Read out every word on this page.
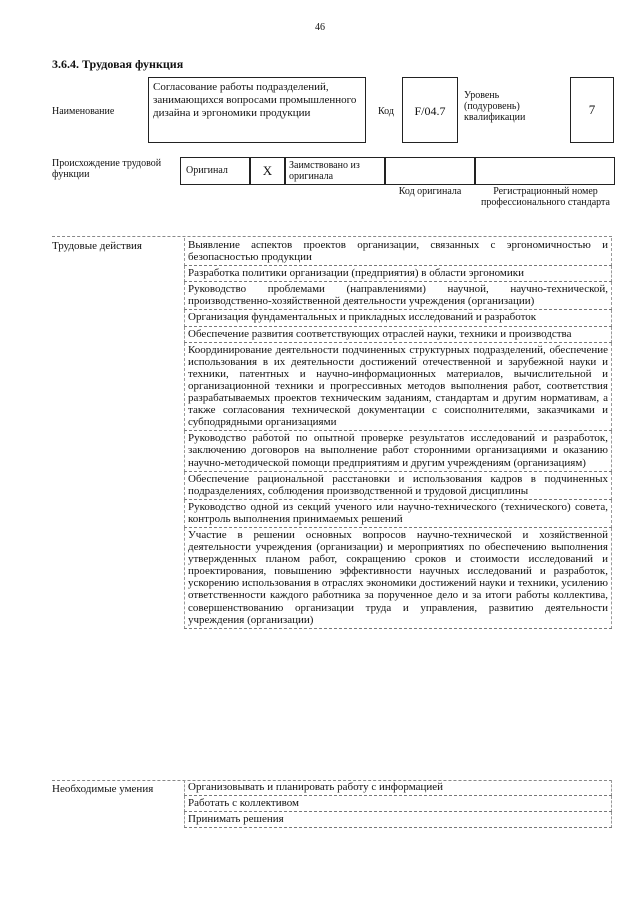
46
3.6.4. Трудовая функция
Наименование
Согласование работы подразделений, занимающихся вопросами промышленного дизайна и эргономики продукции	Код	F/04.7
Уровень (подуровень) квалификации
7
Происхождение трудовой функции	Оригинал	X	Заимствовано из оригинала
Код оригинала	Регистрационный номер профессионального стандарта
Трудовые действия	Выявление аспектов проектов организации, связанных с эргономичностью и безопасностью продукции
Разработка политики организации (предприятия) в области эргономики
Руководство проблемами (направлениями) научной, научно-технической, производственно-хозяйственной деятельности учреждения (организации)
Организация фундаментальных и прикладных исследований и разработок
Обеспечение развития соответствующих отраслей науки, техники и производства
Координирование деятельности подчиненных структурных подразделений, обеспечение использования в их деятельности достижений отечественной и зарубежной науки и техники, патентных и научно-информационных материалов, вычислительной и организационной техники и прогрессивных методов выполнения работ, соответствия разрабатываемых проектов техническим заданиям, стандартам и другим нормативам, а также согласования технической документации с соисполнителями, заказчиками и субподрядными организациями
Руководство работой по опытной проверке результатов исследований и разработок, заключению договоров на выполнение работ сторонними организациями и оказанию научно-методической помощи предприятиям и другим учреждениям (организациям)
Обеспечение рациональной расстановки и использования кадров в подчиненных подразделениях, соблюдения производственной и трудовой дисциплины
Руководство одной из секций ученого или научно-технического (технического) совета, контроль выполнения принимаемых решений
Участие в решении основных вопросов научно-технической и хозяйственной деятельности учреждения (организации) и мероприятиях по обеспечению выполнения утвержденных планом работ, сокращению сроков и стоимости исследований и проектирования, повышению эффективности научных исследований и разработок, ускорению использования в отраслях экономики достижений науки и техники, усилению ответственности каждого работника за порученное дело и за итоги работы коллектива, совершенствованию организации труда и управления, развитию деятельности учреждения (организации)
Необходимые умения	Организовывать и планировать работу с информацией
Работать с коллективом
Принимать решения
